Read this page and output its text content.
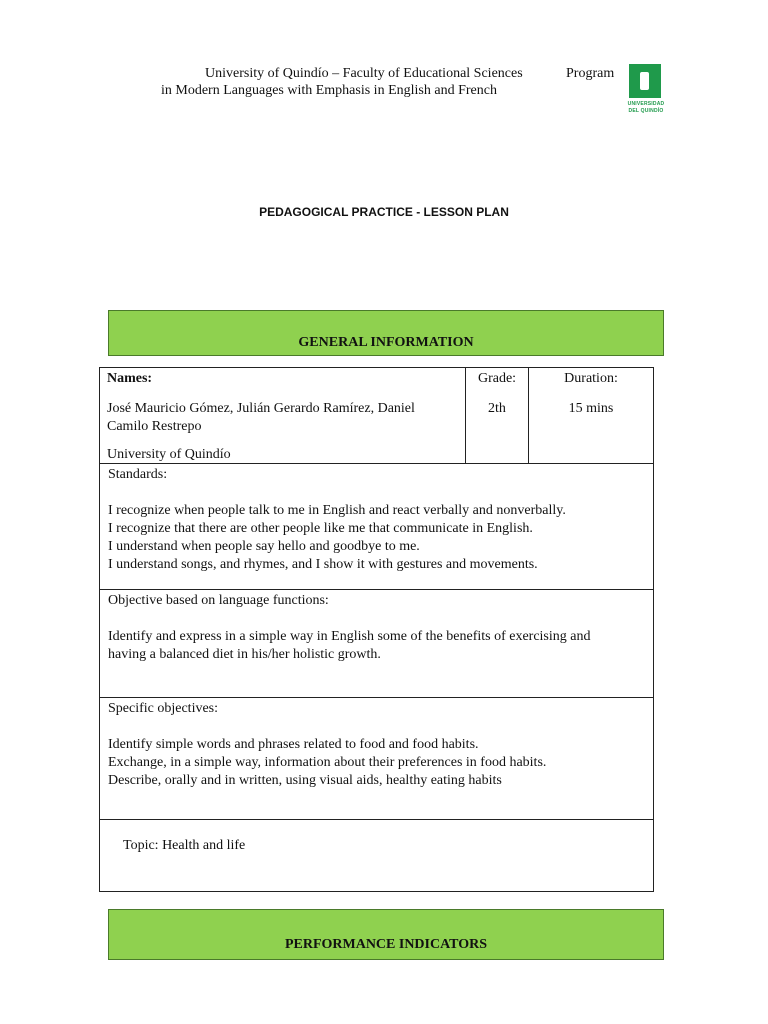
University of Quindío – Faculty of Educational Sciences	Program
in Modern Languages with Emphasis in English and French
UNIVERSIDAD
DEL QUINDÍO
PEDAGOGICAL PRACTICE - LESSON PLAN
GENERAL INFORMATION
Names:
José Mauricio Gómez, Julián Gerardo Ramírez, Daniel
Camilo Restrepo
University of Quindío
Grade:
2th
Duration:
15 mins

Standards:

I recognize when people talk to me in English and react verbally and nonverbally.

I recognize that there are other people like me that communicate in English.

I understand when people say hello and goodbye to me.

I understand songs, and rhymes, and I show it with gestures and movements.

Objective based on language functions:

Identify and express in a simple way in English some of the benefits of exercising and

having a balanced diet in his/her holistic growth.

Specific objectives:

Identify simple words and phrases related to food and food habits.

Exchange, in a simple way, information about their preferences in food habits.

Describe, orally and in written, using visual aids, healthy eating habits

Topic: Health and life

PERFORMANCE INDICATORS
